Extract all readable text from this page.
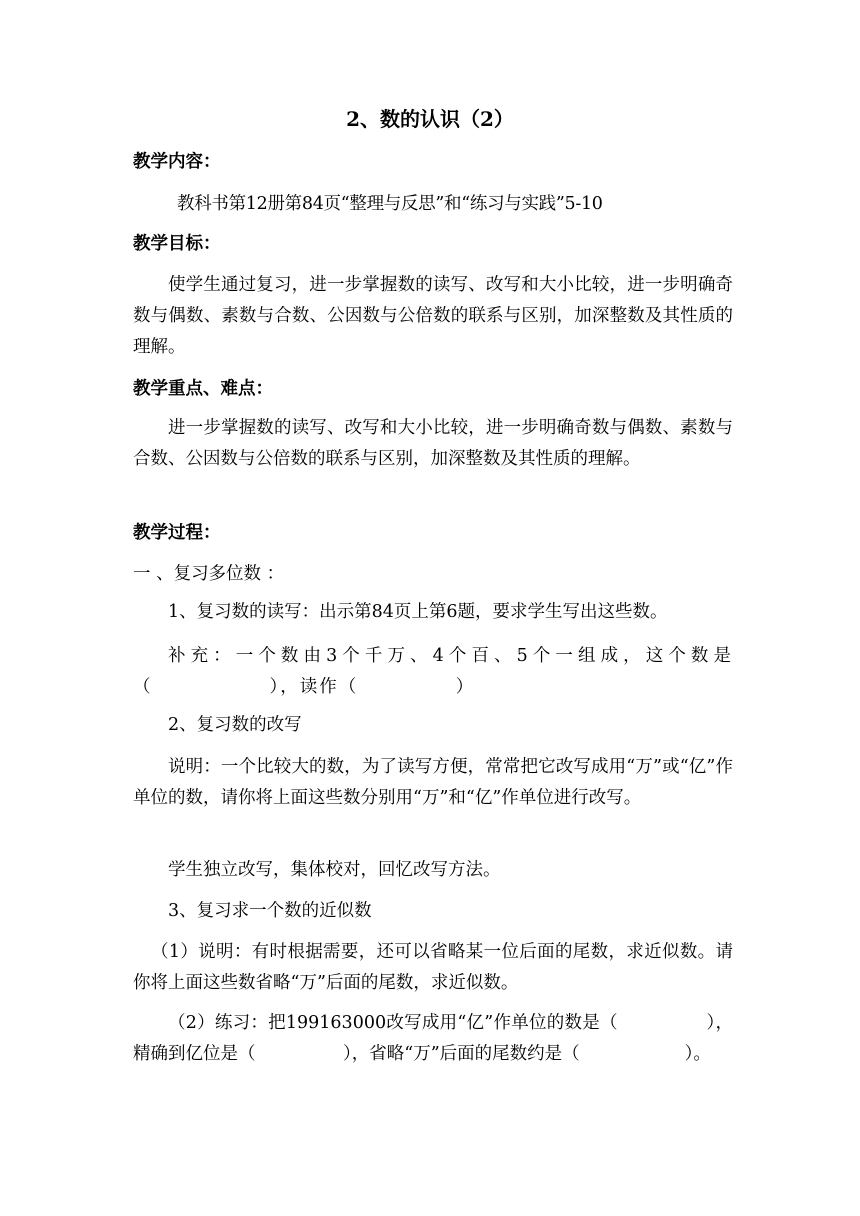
2、数的认识（2）
教学内容：
教科书第12册第84页“整理与反思”和“练习与实践”5-10
教学目标：
使学生通过复习，进一步掌握数的读写、改写和大小比较，进一步明确奇数与偶数、素数与合数、公因数与公倍数的联系与区别，加深整数及其性质的理解。
教学重点、难点：
进一步掌握数的读写、改写和大小比较，进一步明确奇数与偶数、素数与合数、公因数与公倍数的联系与区别，加深整数及其性质的理解。
教学过程：
一 、复习多位数 ：
1、复习数的读写：出示第84页上第6题，要求学生写出这些数。
补充：一个数由3个千万、4个百、5个一组成，这个数是（　　　　　　），读作（　　　　　）
2、复习数的改写
说明：一个比较大的数，为了读写方便，常常把它改写成用“万”或“亿”作单位的数，请你将上面这些数分别用“万”和“亿”作单位进行改写。
学生独立改写，集体校对，回忆改写方法。
3、复习求一个数的近似数
（1）说明：有时根据需要，还可以省略某一位后面的尾数，求近似数。请你将上面这些数省略“万”后面的尾数，求近似数。
（2）练习：把199163000改写成用“亿”作单位的数是（　　　　　），精确到亿位是（　　　　　），省略“万”后面的尾数约是（　　　　　　）。
